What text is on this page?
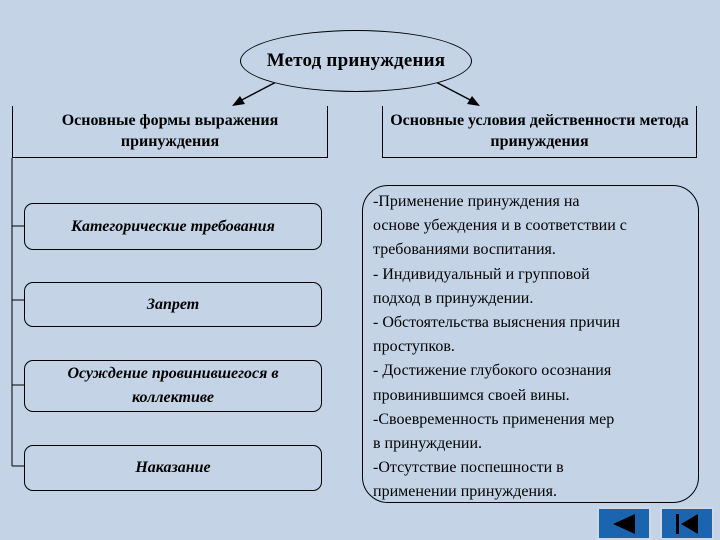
Метод принуждения
Основные формы выражения принуждения
Основные условия действенности метода принуждения
Категорические требования
Запрет
Осуждение провинившегося в коллективе
Наказание
-Применение принуждения на
основе убеждения и в соответствии с
требованиями воспитания.
- Индивидуальный и групповой
подход в принуждении.
- Обстоятельства выяснения причин
проступков.
- Достижение глубокого осознания
провинившимся своей вины.
-Своевременность применения мер
в принуждении.
-Отсутствие поспешности в
применении принуждения.
